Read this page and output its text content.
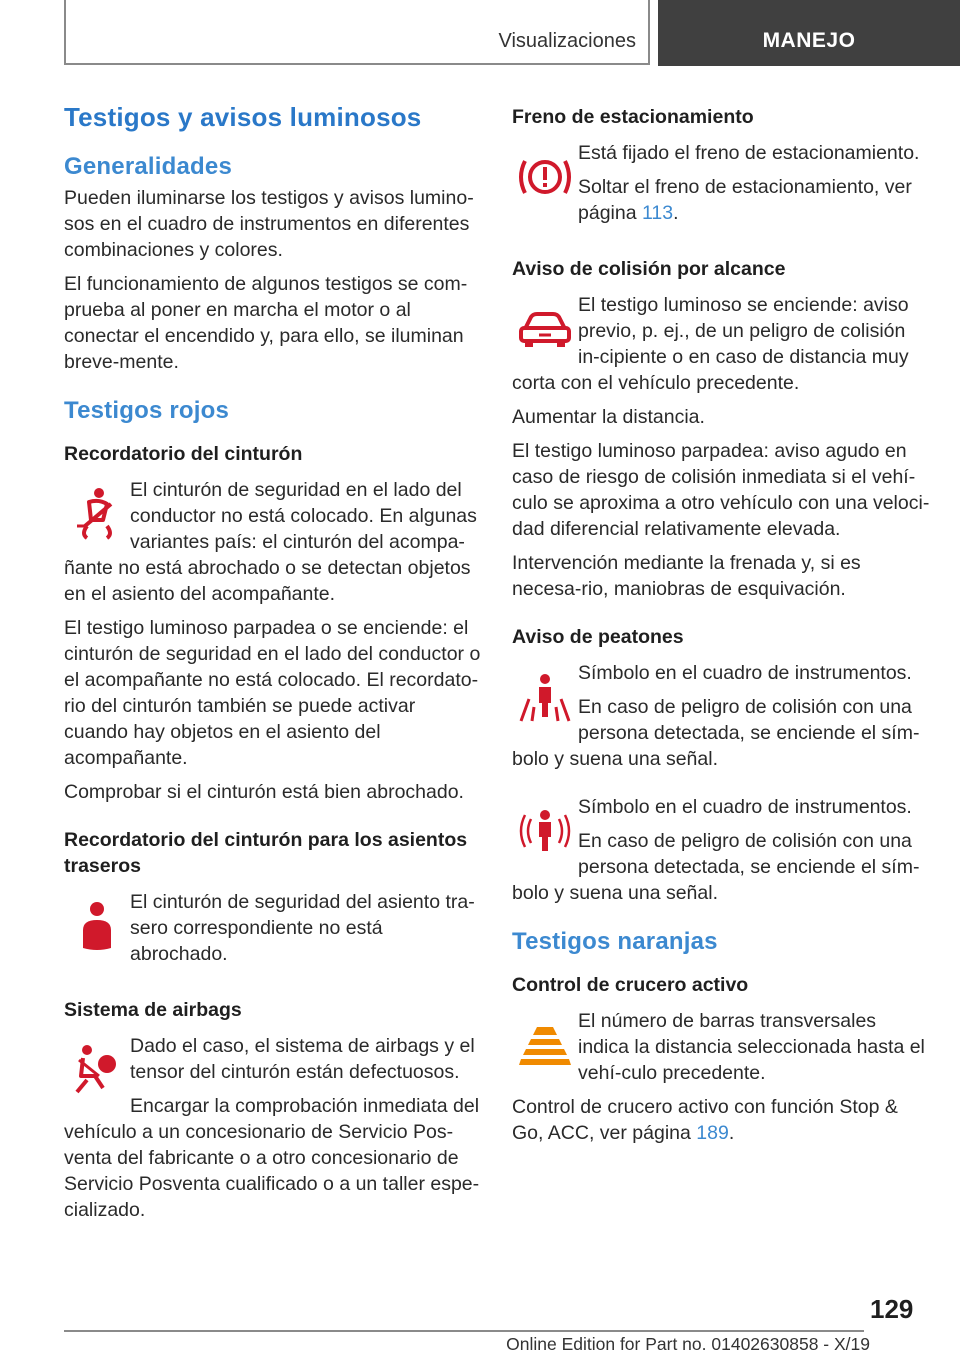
Visualizaciones	MANEJO
Testigos y avisos luminosos
Generalidades

Pueden iluminarse los testigos y avisos lumino‐sos en el cuadro de instrumentos en diferentes combinaciones y colores.

El funcionamiento de algunos testigos se com‐prueba al poner en marcha el motor o al conectar el encendido y, para ello, se iluminan breve‐mente.

Testigos rojos
Recordatorio del cinturón

El cinturón de seguridad en el lado del conductor no está colocado. En algunas variantes país: el cinturón del acompa‐ñante no está abrochado o se detectan objetos en el asiento del acompañante.

El testigo luminoso parpadea o se enciende: el cinturón de seguridad en el lado del conductor o el acompañante no está colocado. El recordato‐rio del cinturón también se puede activar cuando hay objetos en el asiento del acompañante.

Comprobar si el cinturón está bien abrochado.

Recordatorio del cinturón para los asientos traseros

El cinturón de seguridad del asiento tra‐sero correspondiente no está abrochado.

Sistema de airbags

Dado el caso, el sistema de airbags y el tensor del cinturón están defectuosos.

Encargar la comprobación inmediata del vehículo a un concesionario de Servicio Pos‐venta del fabricante o a otro concesionario de Servicio Posventa cualificado o a un taller espe‐cializado.

Freno de estacionamiento

Está fijado el freno de estacionamiento.

Soltar el freno de estacionamiento, ver página 113.

Aviso de colisión por alcance

El testigo luminoso se enciende: aviso previo, p. ej., de un peligro de colisión in‐cipiente o en caso de distancia muy corta con el vehículo precedente.

Aumentar la distancia.

El testigo luminoso parpadea: aviso agudo en caso de riesgo de colisión inmediata si el vehí‐culo se aproxima a otro vehículo con una veloci‐dad diferencial relativamente elevada.

Intervención mediante la frenada y, si es necesa‐rio, maniobras de esquivación.

Aviso de peatones

Símbolo en el cuadro de instrumentos.

En caso de peligro de colisión con una persona detectada, se enciende el sím‐bolo y suena una señal.

Símbolo en el cuadro de instrumentos.

En caso de peligro de colisión con una persona detectada, se enciende el sím‐bolo y suena una señal.

Testigos naranjas
Control de crucero activo

El número de barras transversales indica la distancia seleccionada hasta el vehí‐culo precedente.

Control de crucero activo con función Stop & Go, ACC, ver página 189.

129
Online Edition for Part no. 01402630858 - X/19
